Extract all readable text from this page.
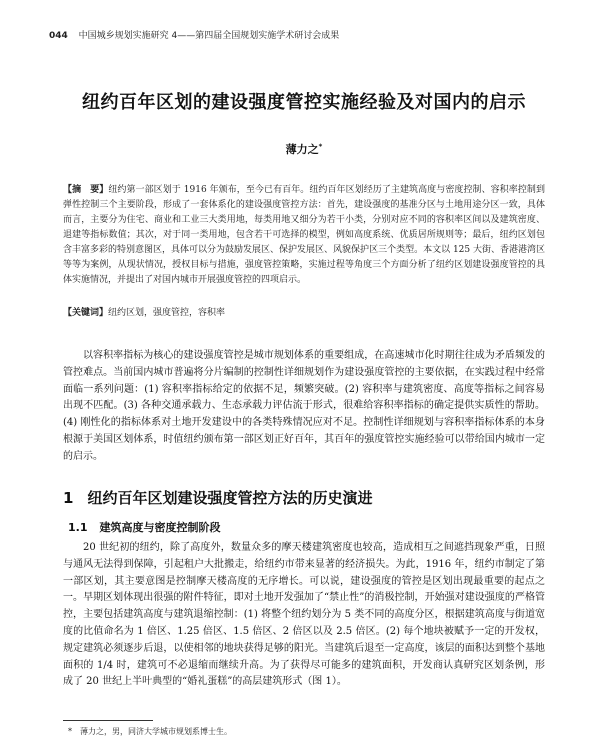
044 中国城乡规划实施研究 4——第四届全国规划实施学术研讨会成果
纽约百年区划的建设强度管控实施经验及对国内的启示
薄力之*
【摘　要】纽约第一部区划于 1916 年颁布，至今已有百年。纽约百年区划经历了主建筑高度与密度控制、容积率控制到弹性控制三个主要阶段，形成了一套体系化的建设强度管控方法：首先，建设强度的基准分区与土地用途分区一致，具体而言，主要分为住宅、商业和工业三大类用地，每类用地又细分为若干小类，分别对应不同的容积率区间以及建筑密度、退建等指标数值；其次，对于同一类用地，包含若干可选择的模型，例如高度系统、优质居所规则等；最后，纽约区划包含丰富多彩的特别意图区，具体可以分为鼓励发展区、保护发展区、风貌保护区三个类型。本文以 125 大街、香港港湾区等等为案例，从现状情况，授权目标与措施，强度管控策略，实施过程等角度三个方面分析了纽约区划建设强度管控的具体实施情况，并提出了对国内城市开展强度管控的四项启示。
【关键词】纽约区划，强度管控，容积率
以容积率指标为核心的建设强度管控是城市规划体系的重要组成，在高速城市化时期往往成为矛盾频发的管控难点。当前国内城市普遍将分片编制的控制性详细规划作为建设强度管控的主要依据，在实践过程中经常面临一系列问题：(1) 容积率指标给定的依据不足，频繁突破。(2) 容积率与建筑密度、高度等指标之间容易出现不匹配。(3) 各种交通承载力、生态承载力评估流于形式，很难给容积率指标的确定提供实质性的帮助。(4) 刚性化的指标体系对土地开发建设中的各类特殊情况应对不足。控制性详细规划与容积率指标体系的本身根源于美国区划体系，时值纽约颁布第一部区划正好百年，其百年的强度管控实施经验可以带给国内城市一定的启示。
1 纽约百年区划建设强度管控方法的历史演进
1.1 建筑高度与密度控制阶段
20 世纪初的纽约，除了高度外，数量众多的摩天楼建筑密度也较高，造成相互之间遮挡现象严重，日照与通风无法得到保障，引起租户大批搬走，给纽约市带来显著的经济损失。为此，1916 年，纽约市制定了第一部区划，其主要意图是控制摩天楼高度的无序增长。可以说，建设强度的管控是区划出现最重要的起点之一。早期区划体现出很强的附件特征，即对土地开发强加了“禁止性”的消极控制，开始强对建设强度的严格管控，主要包括建筑高度与建筑退缩控制：(1) 将整个纽约划分为 5 类不同的高度分区，根据建筑高度与街道宽度的比值命名为 1 倍区、1.25 倍区、1.5 倍区、2 倍区以及 2.5 倍区。(2) 每个地块被赋予一定的开发权，规定建筑必须逐步后退，以使相邻的地块获得足够的阳光。当建筑后退至一定高度，该层的面积达到整个基地面积的 1/4 时，建筑可不必退缩而继续升高。为了获得尽可能多的建筑面积，开发商认真研究区划条例，形成了 20 世纪上半叶典型的“婚礼蛋糕”的高层建筑形式（图 1）。
*　薄力之，男，同济大学城市规划系博士生。
